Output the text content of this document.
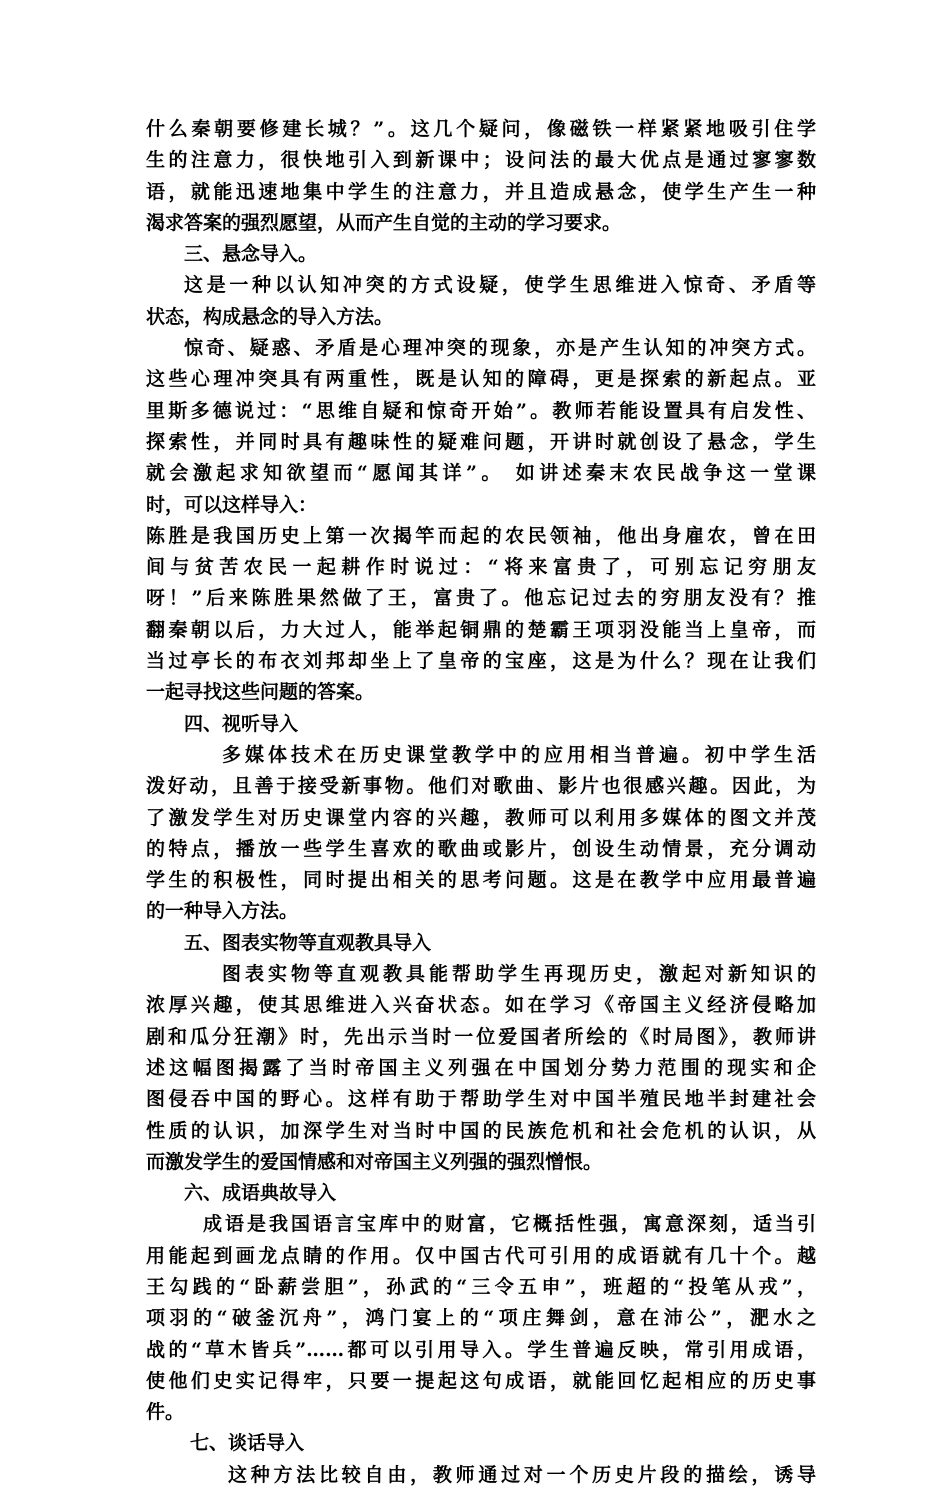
什么秦朝要修建长城？”。这几个疑问，像磁铁一样紧紧地吸引住学
生的注意力，很快地引入到新课中；设问法的最大优点是通过寥寥数
语，就能迅速地集中学生的注意力，并且造成悬念，使学生产生一种
渴求答案的强烈愿望，从而产生自觉的主动的学习要求。
三、悬念导入。
这是一种以认知冲突的方式设疑，使学生思维进入惊奇、矛盾等
状态，构成悬念的导入方法。
惊奇、疑惑、矛盾是心理冲突的现象，亦是产生认知的冲突方式。
这些心理冲突具有两重性，既是认知的障碍，更是探索的新起点。亚
里斯多德说过：“思维自疑和惊奇开始”。教师若能设置具有启发性、
探索性，并同时具有趣味性的疑难问题，开讲时就创设了悬念，学生
就会激起求知欲望而“愿闻其详”。 如讲述秦末农民战争这一堂课
时，可以这样导入：
陈胜是我国历史上第一次揭竿而起的农民领袖，他出身雇农，曾在田
间与贫苦农民一起耕作时说过：“将来富贵了，可别忘记穷朋友
呀！”后来陈胜果然做了王，富贵了。他忘记过去的穷朋友没有？推
翻秦朝以后，力大过人，能举起铜鼎的楚霸王项羽没能当上皇帝，而
当过亭长的布衣刘邦却坐上了皇帝的宝座，这是为什么？现在让我们
一起寻找这些问题的答案。
四、视听导入
多媒体技术在历史课堂教学中的应用相当普遍。初中学生活
泼好动，且善于接受新事物。他们对歌曲、影片也很感兴趣。因此，为
了激发学生对历史课堂内容的兴趣，教师可以利用多媒体的图文并茂
的特点，播放一些学生喜欢的歌曲或影片，创设生动情景，充分调动
学生的积极性，同时提出相关的思考问题。这是在教学中应用最普遍
的一种导入方法。
五、图表实物等直观教具导入
图表实物等直观教具能帮助学生再现历史，激起对新知识的
浓厚兴趣，使其思维进入兴奋状态。如在学习《帝国主义经济侵略加
剧和瓜分狂潮》时，先出示当时一位爱国者所绘的《时局图》，教师讲
述这幅图揭露了当时帝国主义列强在中国划分势力范围的现实和企
图侵吞中国的野心。这样有助于帮助学生对中国半殖民地半封建社会
性质的认识，加深学生对当时中国的民族危机和社会危机的认识，从
而激发学生的爱国情感和对帝国主义列强的强烈憎恨。
六、成语典故导入
成语是我国语言宝库中的财富，它概括性强，寓意深刻，适当引
用能起到画龙点睛的作用。仅中国古代可引用的成语就有几十个。越
王勾践的“卧薪尝胆”，孙武的“三令五申”，班超的“投笔从戎”，
项羽的“破釜沉舟”，鸿门宴上的“项庄舞剑，意在沛公”，淝水之
战的“草木皆兵”……都可以引用导入。学生普遍反映，常引用成语，
使他们史实记得牢，只要一提起这句成语，就能回忆起相应的历史事
件。
七、谈话导入
这种方法比较自由，教师通过对一个历史片段的描绘，诱导
